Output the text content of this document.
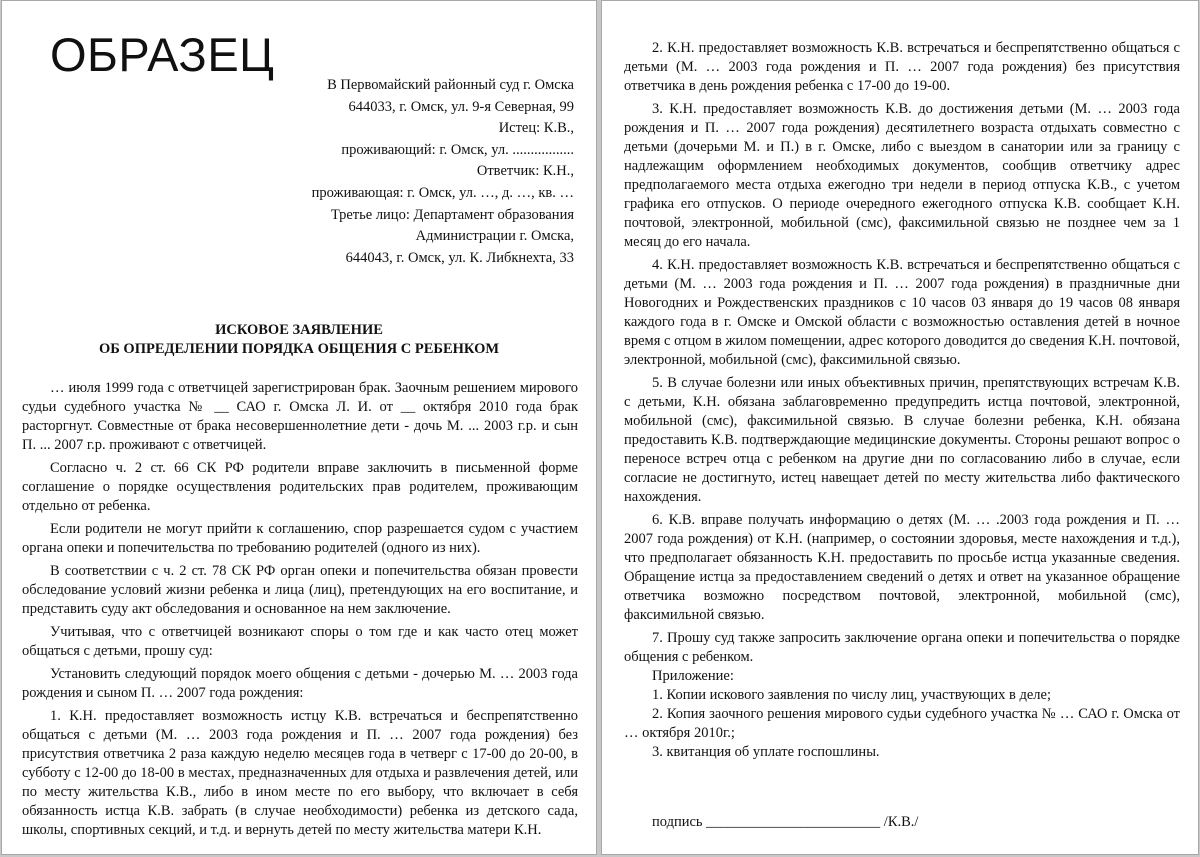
ОБРАЗЕЦ
В Первомайский районный суд г. Омска
644033, г. Омск, ул. 9-я Северная, 99
Истец: К.В.,
проживающий: г. Омск, ул. .................
Ответчик: К.Н.,
проживающая: г. Омск, ул. …, д. …, кв. …
Третье лицо: Департамент образования
Администрации г. Омска,
644043, г. Омск, ул. К. Либкнехта, 33
ИСКОВОЕ ЗАЯВЛЕНИЕ
ОБ ОПРЕДЕЛЕНИИ ПОРЯДКА ОБЩЕНИЯ С РЕБЕНКОМ

… июля 1999 года с ответчицей зарегистрирован брак. Заочным решением мирового судьи судебного участка № __ САО г. Омска Л. И. от __ октября 2010 года брак расторгнут. Совместные от брака несовершеннолетние дети - дочь М. ... 2003 г.р. и сын П. ... 2007 г.р. проживают с ответчицей.

Согласно ч. 2 ст. 66 СК РФ родители вправе заключить в письменной форме соглашение о порядке осуществления родительских прав родителем, проживающим отдельно от ребенка.

Если родители не могут прийти к соглашению, спор разрешается судом с участием органа опеки и попечительства по требованию родителей (одного из них).

В соответствии с ч. 2 ст. 78 СК РФ орган опеки и попечительства обязан провести обследование условий жизни ребенка и лица (лиц), претендующих на его воспитание, и представить суду акт обследования и основанное на нем заключение.

Учитывая, что с ответчицей возникают споры о том где и как часто отец может общаться с детьми, прошу суд:

Установить следующий порядок моего общения с детьми - дочерью М. … 2003 года рождения и сыном П. … 2007 года рождения:

1. К.Н. предоставляет возможность истцу К.В. встречаться и беспрепятственно общаться с детьми (М. … 2003 года рождения и П. … 2007 года рождения) без присутствия ответчика 2 раза каждую неделю месяцев года в четверг с 17-00 до 20-00, в субботу с 12-00 до 18-00 в местах, предназначенных для отдыха и развлечения детей, или по месту жительства К.В., либо в ином месте по его выбору, что включает в себя обязанность истца К.В. забрать (в случае необходимости) ребенка из детского сада, школы, спортивных секций, и т.д. и вернуть детей по месту жительства матери К.Н.

2. К.Н. предоставляет возможность К.В. встречаться и беспрепятственно общаться с детьми (М. … 2003 года рождения и П. … 2007 года рождения) без присутствия ответчика в день рождения ребенка с 17-00 до 19-00.

3. К.Н. предоставляет возможность К.В. до достижения детьми (М. … 2003 года рождения и П. … 2007 года рождения) десятилетнего возраста отдыхать совместно с детьми (дочерьми М. и П.) в г. Омске, либо с выездом в санатории или за границу с надлежащим оформлением необходимых документов, сообщив ответчику адрес предполагаемого места отдыха ежегодно три недели в период отпуска К.В., с учетом графика его отпусков. О периоде очередного ежегодного отпуска К.В. сообщает К.Н. почтовой, электронной, мобильной (смс), факсимильной связью не позднее чем за 1 месяц до его начала.

4. К.Н. предоставляет возможность К.В. встречаться и беспрепятственно общаться с детьми (М. … 2003 года рождения и П. … 2007 года рождения) в праздничные дни Новогодних и Рождественских праздников с 10 часов 03 января до 19 часов 08 января каждого года в г. Омске и Омской области с возможностью оставления детей в ночное время с отцом в жилом помещении, адрес которого доводится до сведения К.Н. почтовой, электронной, мобильной (смс), факсимильной связью.

5. В случае болезни или иных объективных причин, препятствующих встречам К.В. с детьми, К.Н. обязана заблаговременно предупредить истца почтовой, электронной, мобильной (смс), факсимильной связью. В случае болезни ребенка, К.Н. обязана предоставить К.В. подтверждающие медицинские документы. Стороны решают вопрос о переносе встреч отца с ребенком на другие дни по согласованию либо в случае, если согласие не достигнуто, истец навещает детей по месту жительства либо фактического нахождения.

6. К.В. вправе получать информацию о детях (М. … .2003 года рождения и П. … 2007 года рождения) от К.Н. (например, о состоянии здоровья, месте нахождения и т.д.), что предполагает обязанность К.Н. предоставить по просьбе истца указанные сведения. Обращение истца за предоставлением сведений о детях и ответ на указанное обращение ответчика возможно посредством почтовой, электронной, мобильной (смс), факсимильной связью.

7. Прошу суд также запросить заключение органа опеки и попечительства о порядке общения с ребенком.

Приложение:

1. Копии искового заявления по числу лиц, участвующих в деле;

2. Копия заочного решения мирового судьи судебного участка № … САО г. Омска от … октября 2010г.;

3. квитанция об уплате госпошлины.

подпись ________________________ /К.В./
